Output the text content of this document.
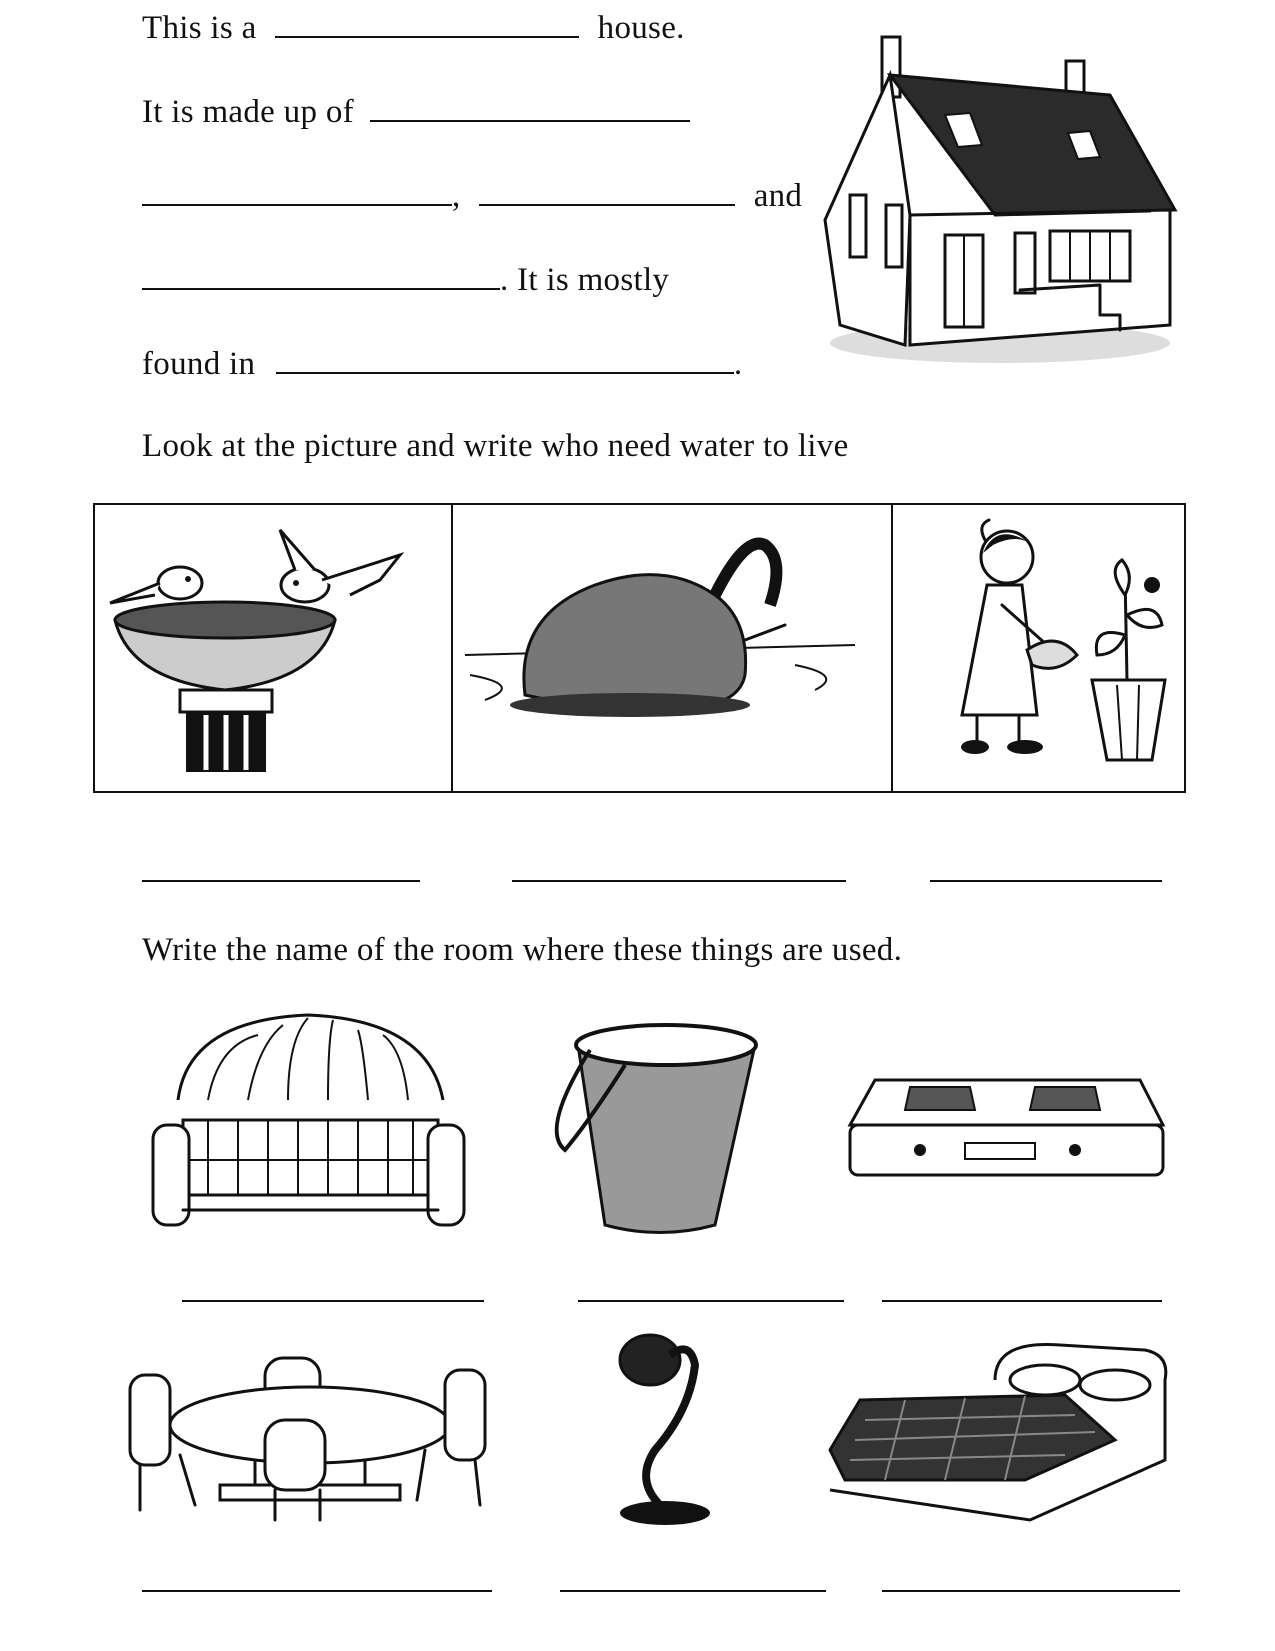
This is a	house.
It is made up of
,	and
. It is mostly
found in	.
Look at the picture and write who need water to live
Write the name of the room where these things are used.
